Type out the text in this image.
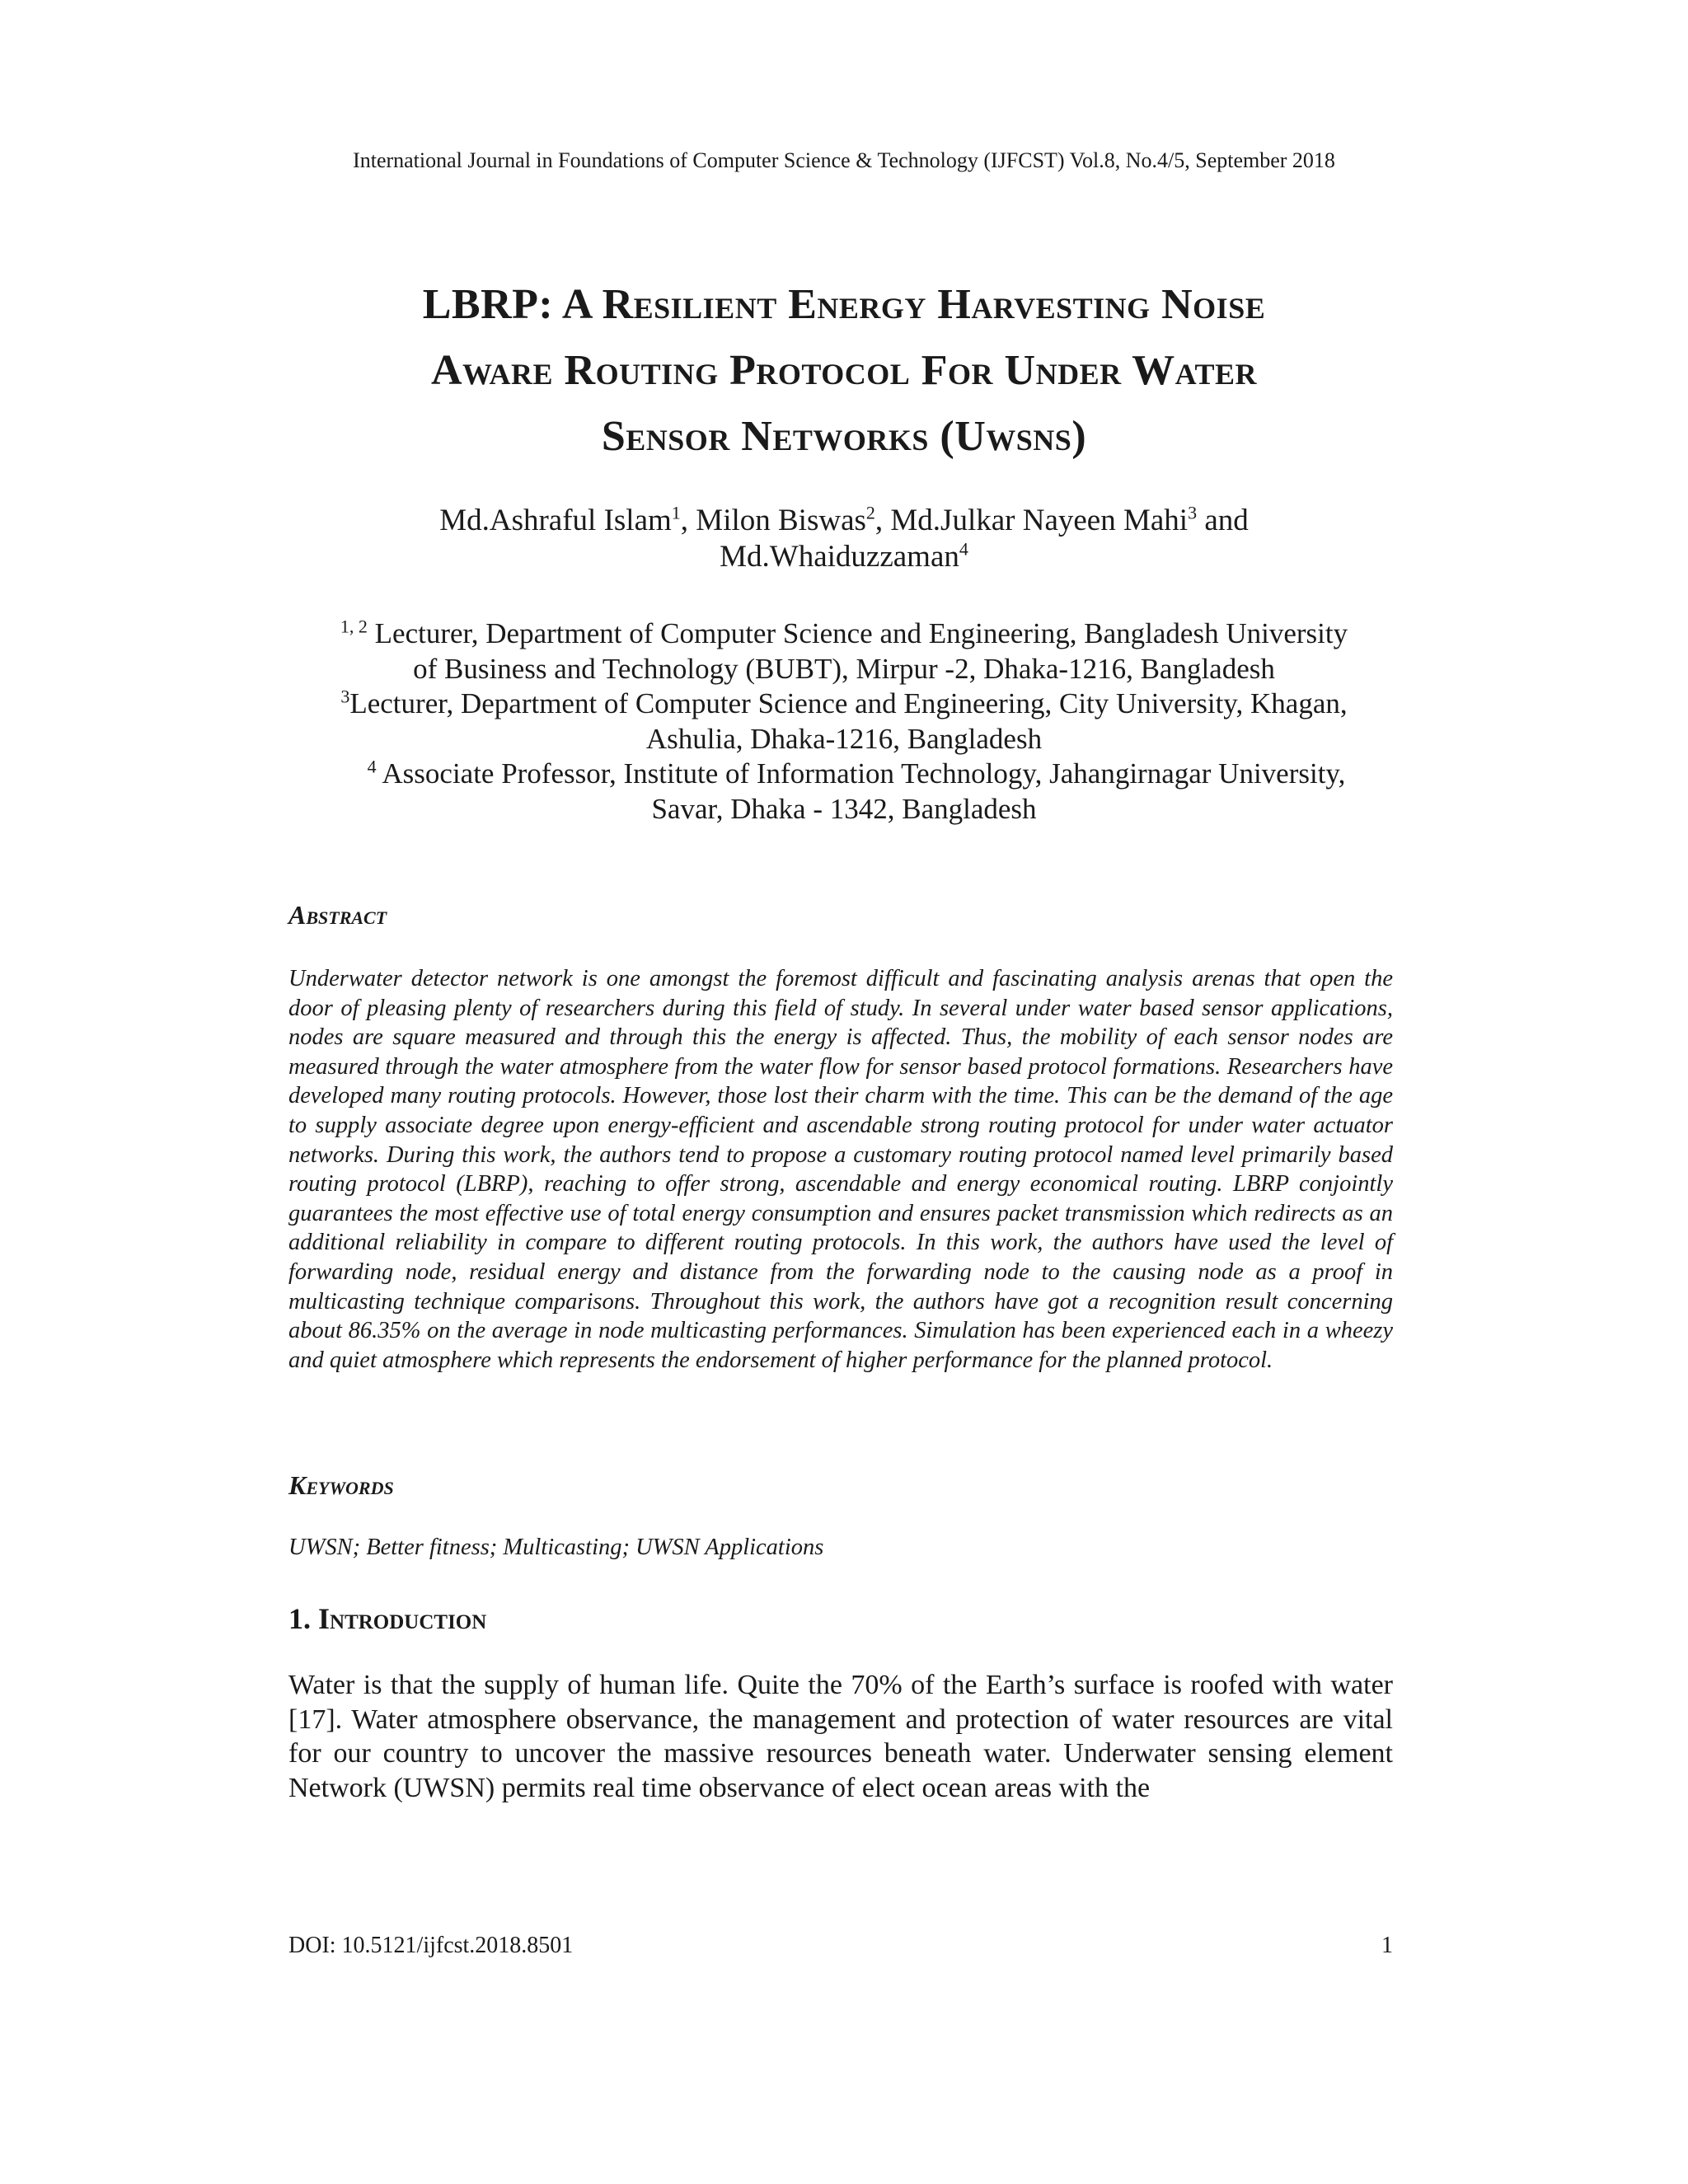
International Journal in Foundations of Computer Science & Technology (IJFCST) Vol.8, No.4/5, September 2018
LBRP: A Resilient Energy Harvesting Noise
Aware Routing Protocol For Under Water
Sensor Networks (Uwsns)
Md.Ashraful Islam$^1$, Milon Biswas$^2$, Md.Julkar Nayeen Mahi$^3$ and
Md.Whaiduzzaman$^4$
$^{1, 2}$ Lecturer, Department of Computer Science and Engineering, Bangladesh University
of Business and Technology (BUBT), Mirpur -2, Dhaka-1216, Bangladesh
$^3$Lecturer, Department of Computer Science and Engineering, City University, Khagan,
Ashulia, Dhaka-1216, Bangladesh
$^4$ Associate Professor, Institute of Information Technology, Jahangirnagar University,
Savar, Dhaka - 1342, Bangladesh
Abstract
Underwater detector network is one amongst the foremost difficult and fascinating analysis arenas that open the door of pleasing plenty of researchers during this field of study. In several under water based sensor applications, nodes are square measured and through this the energy is affected. Thus, the mobility of each sensor nodes are measured through the water atmosphere from the water flow for sensor based protocol formations. Researchers have developed many routing protocols. However, those lost their charm with the time. This can be the demand of the age to supply associate degree upon energy-efficient and ascendable strong routing protocol for under water actuator networks. During this work, the authors tend to propose a customary routing protocol named level primarily based routing protocol (LBRP), reaching to offer strong, ascendable and energy economical routing. LBRP conjointly guarantees the most effective use of total energy consumption and ensures packet transmission which redirects as an additional reliability in compare to different routing protocols. In this work, the authors have used the level of forwarding node, residual energy and distance from the forwarding node to the causing node as a proof in multicasting technique comparisons. Throughout this work, the authors have got a recognition result concerning about 86.35% on the average in node multicasting performances. Simulation has been experienced each in a wheezy and quiet atmosphere which represents the endorsement of higher performance for the planned protocol.
Keywords
UWSN; Better fitness; Multicasting; UWSN Applications
1. Introduction
Water is that the supply of human life. Quite the 70% of the Earth’s surface is roofed with water [17]. Water atmosphere observance, the management and protection of water resources are vital for our country to uncover the massive resources beneath water. Underwater sensing element Network (UWSN) permits real time observance of elect ocean areas with the
DOI: 10.5121/ijfcst.2018.8501	1
